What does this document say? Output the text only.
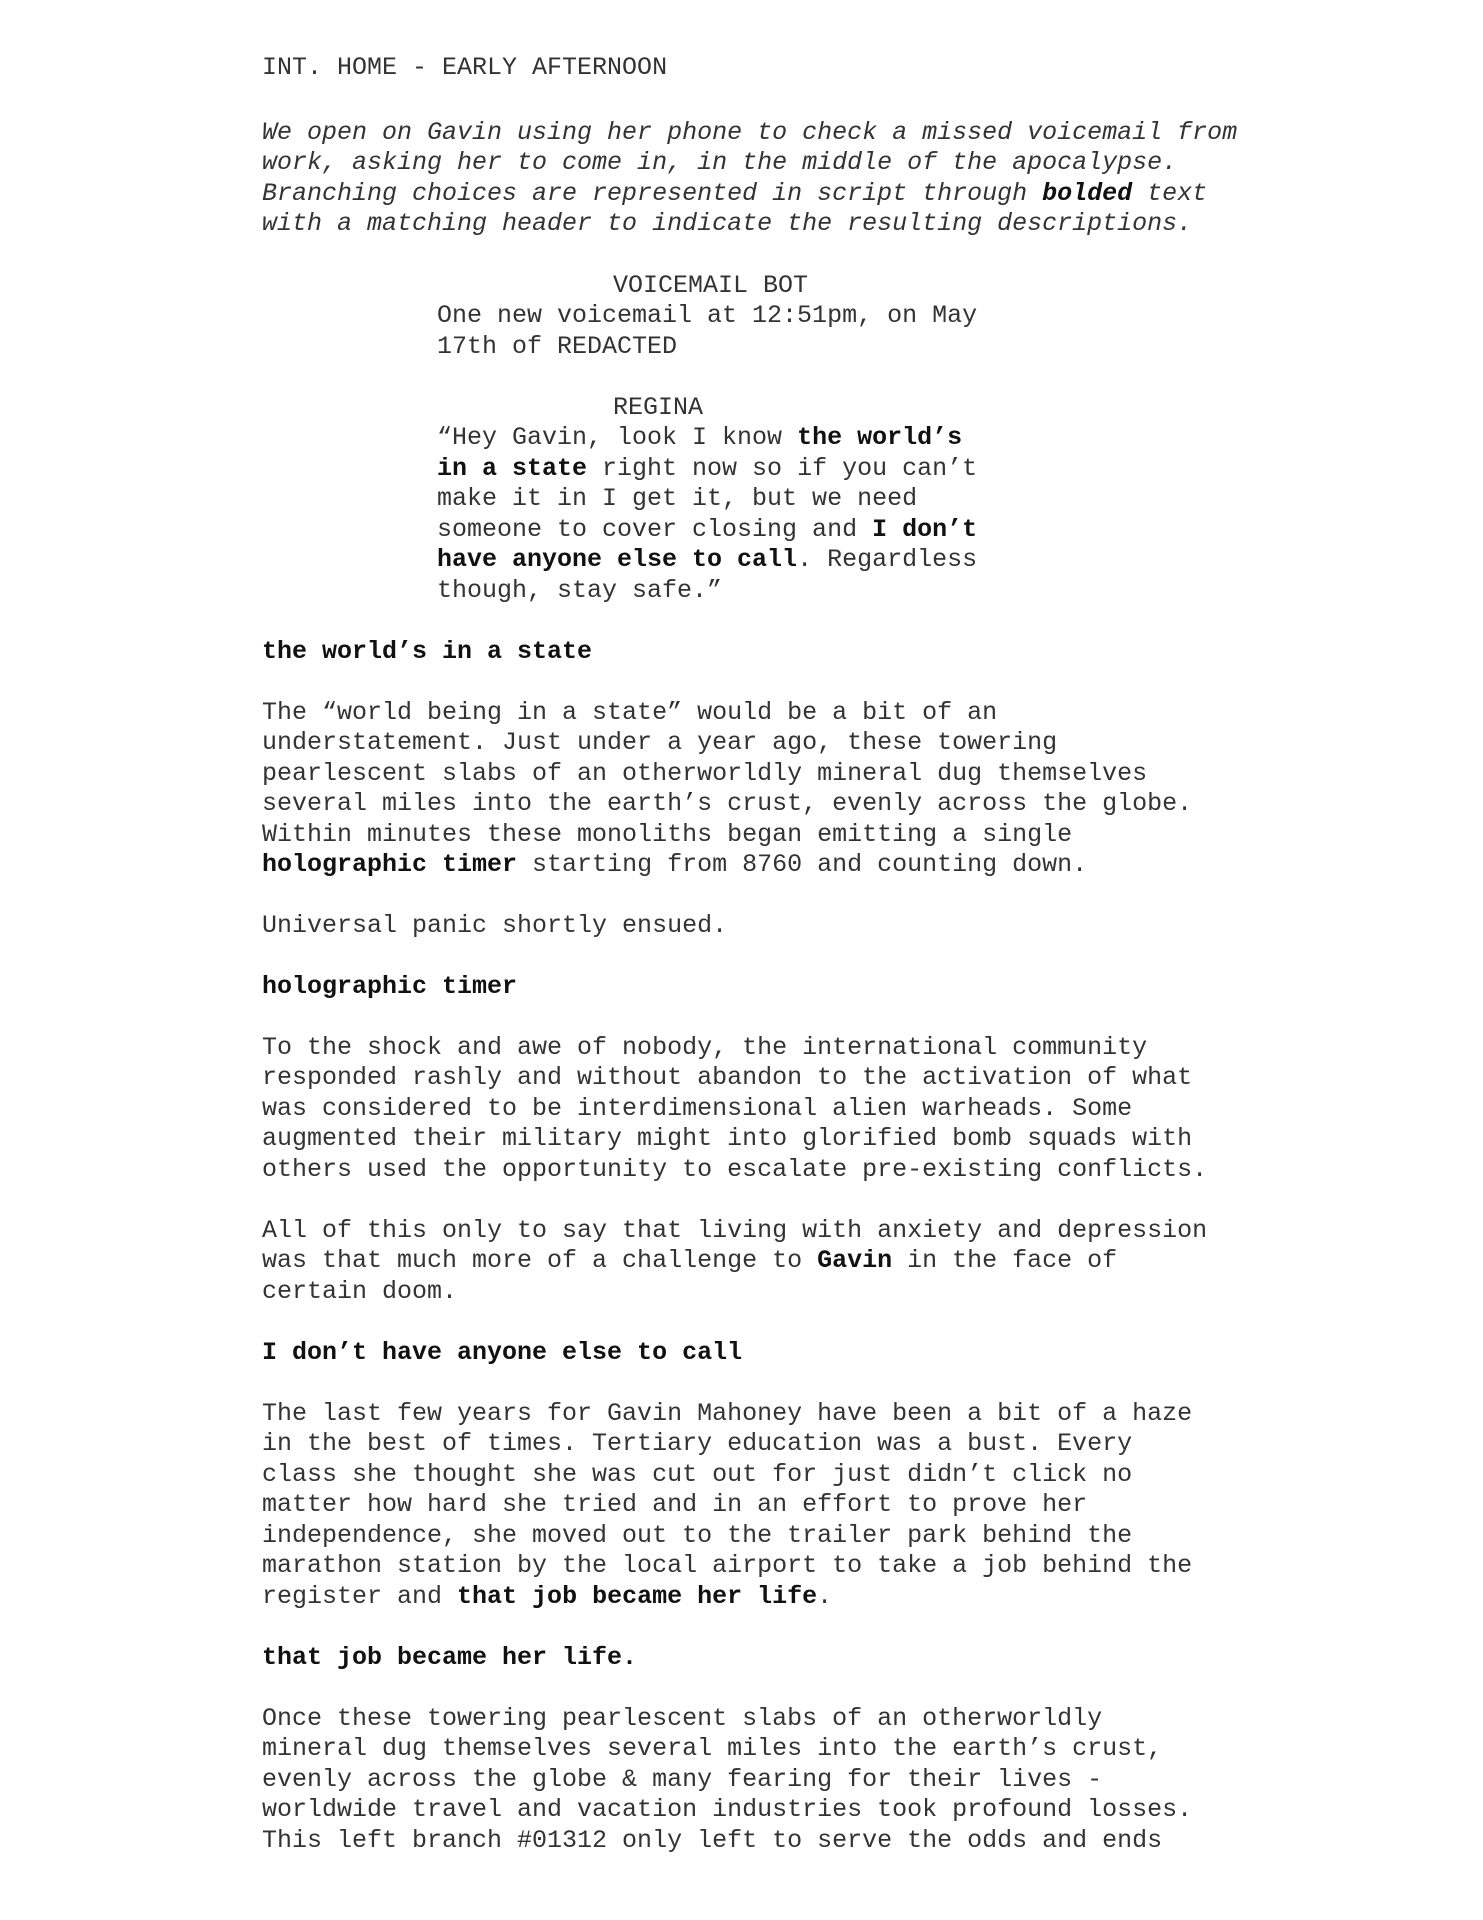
INT. HOME - EARLY AFTERNOON
We open on Gavin using her phone to check a missed voicemail from
work, asking her to come in, in the middle of the apocalypse.
Branching choices are represented in script through bolded text
with a matching header to indicate the resulting descriptions.
VOICEMAIL BOT
One new voicemail at 12:51pm, on May
17th of REDACTED
REGINA
“Hey Gavin, look I know the world’s
in a state right now so if you can’t
make it in I get it, but we need
someone to cover closing and I don’t
have anyone else to call. Regardless
though, stay safe.”
the world’s in a state
The “world being in a state” would be a bit of an
understatement. Just under a year ago, these towering
pearlescent slabs of an otherworldly mineral dug themselves
several miles into the earth’s crust, evenly across the globe.
Within minutes these monoliths began emitting a single
holographic timer starting from 8760 and counting down.
Universal panic shortly ensued.
holographic timer
To the shock and awe of nobody, the international community
responded rashly and without abandon to the activation of what
was considered to be interdimensional alien warheads. Some
augmented their military might into glorified bomb squads with
others used the opportunity to escalate pre-existing conflicts.
All of this only to say that living with anxiety and depression
was that much more of a challenge to Gavin in the face of
certain doom.
I don’t have anyone else to call
The last few years for Gavin Mahoney have been a bit of a haze
in the best of times. Tertiary education was a bust. Every
class she thought she was cut out for just didn’t click no
matter how hard she tried and in an effort to prove her
independence, she moved out to the trailer park behind the
marathon station by the local airport to take a job behind the
register and that job became her life.
that job became her life.
Once these towering pearlescent slabs of an otherworldly
mineral dug themselves several miles into the earth’s crust,
evenly across the globe & many fearing for their lives -
worldwide travel and vacation industries took profound losses.
This left branch #01312 only left to serve the odds and ends
